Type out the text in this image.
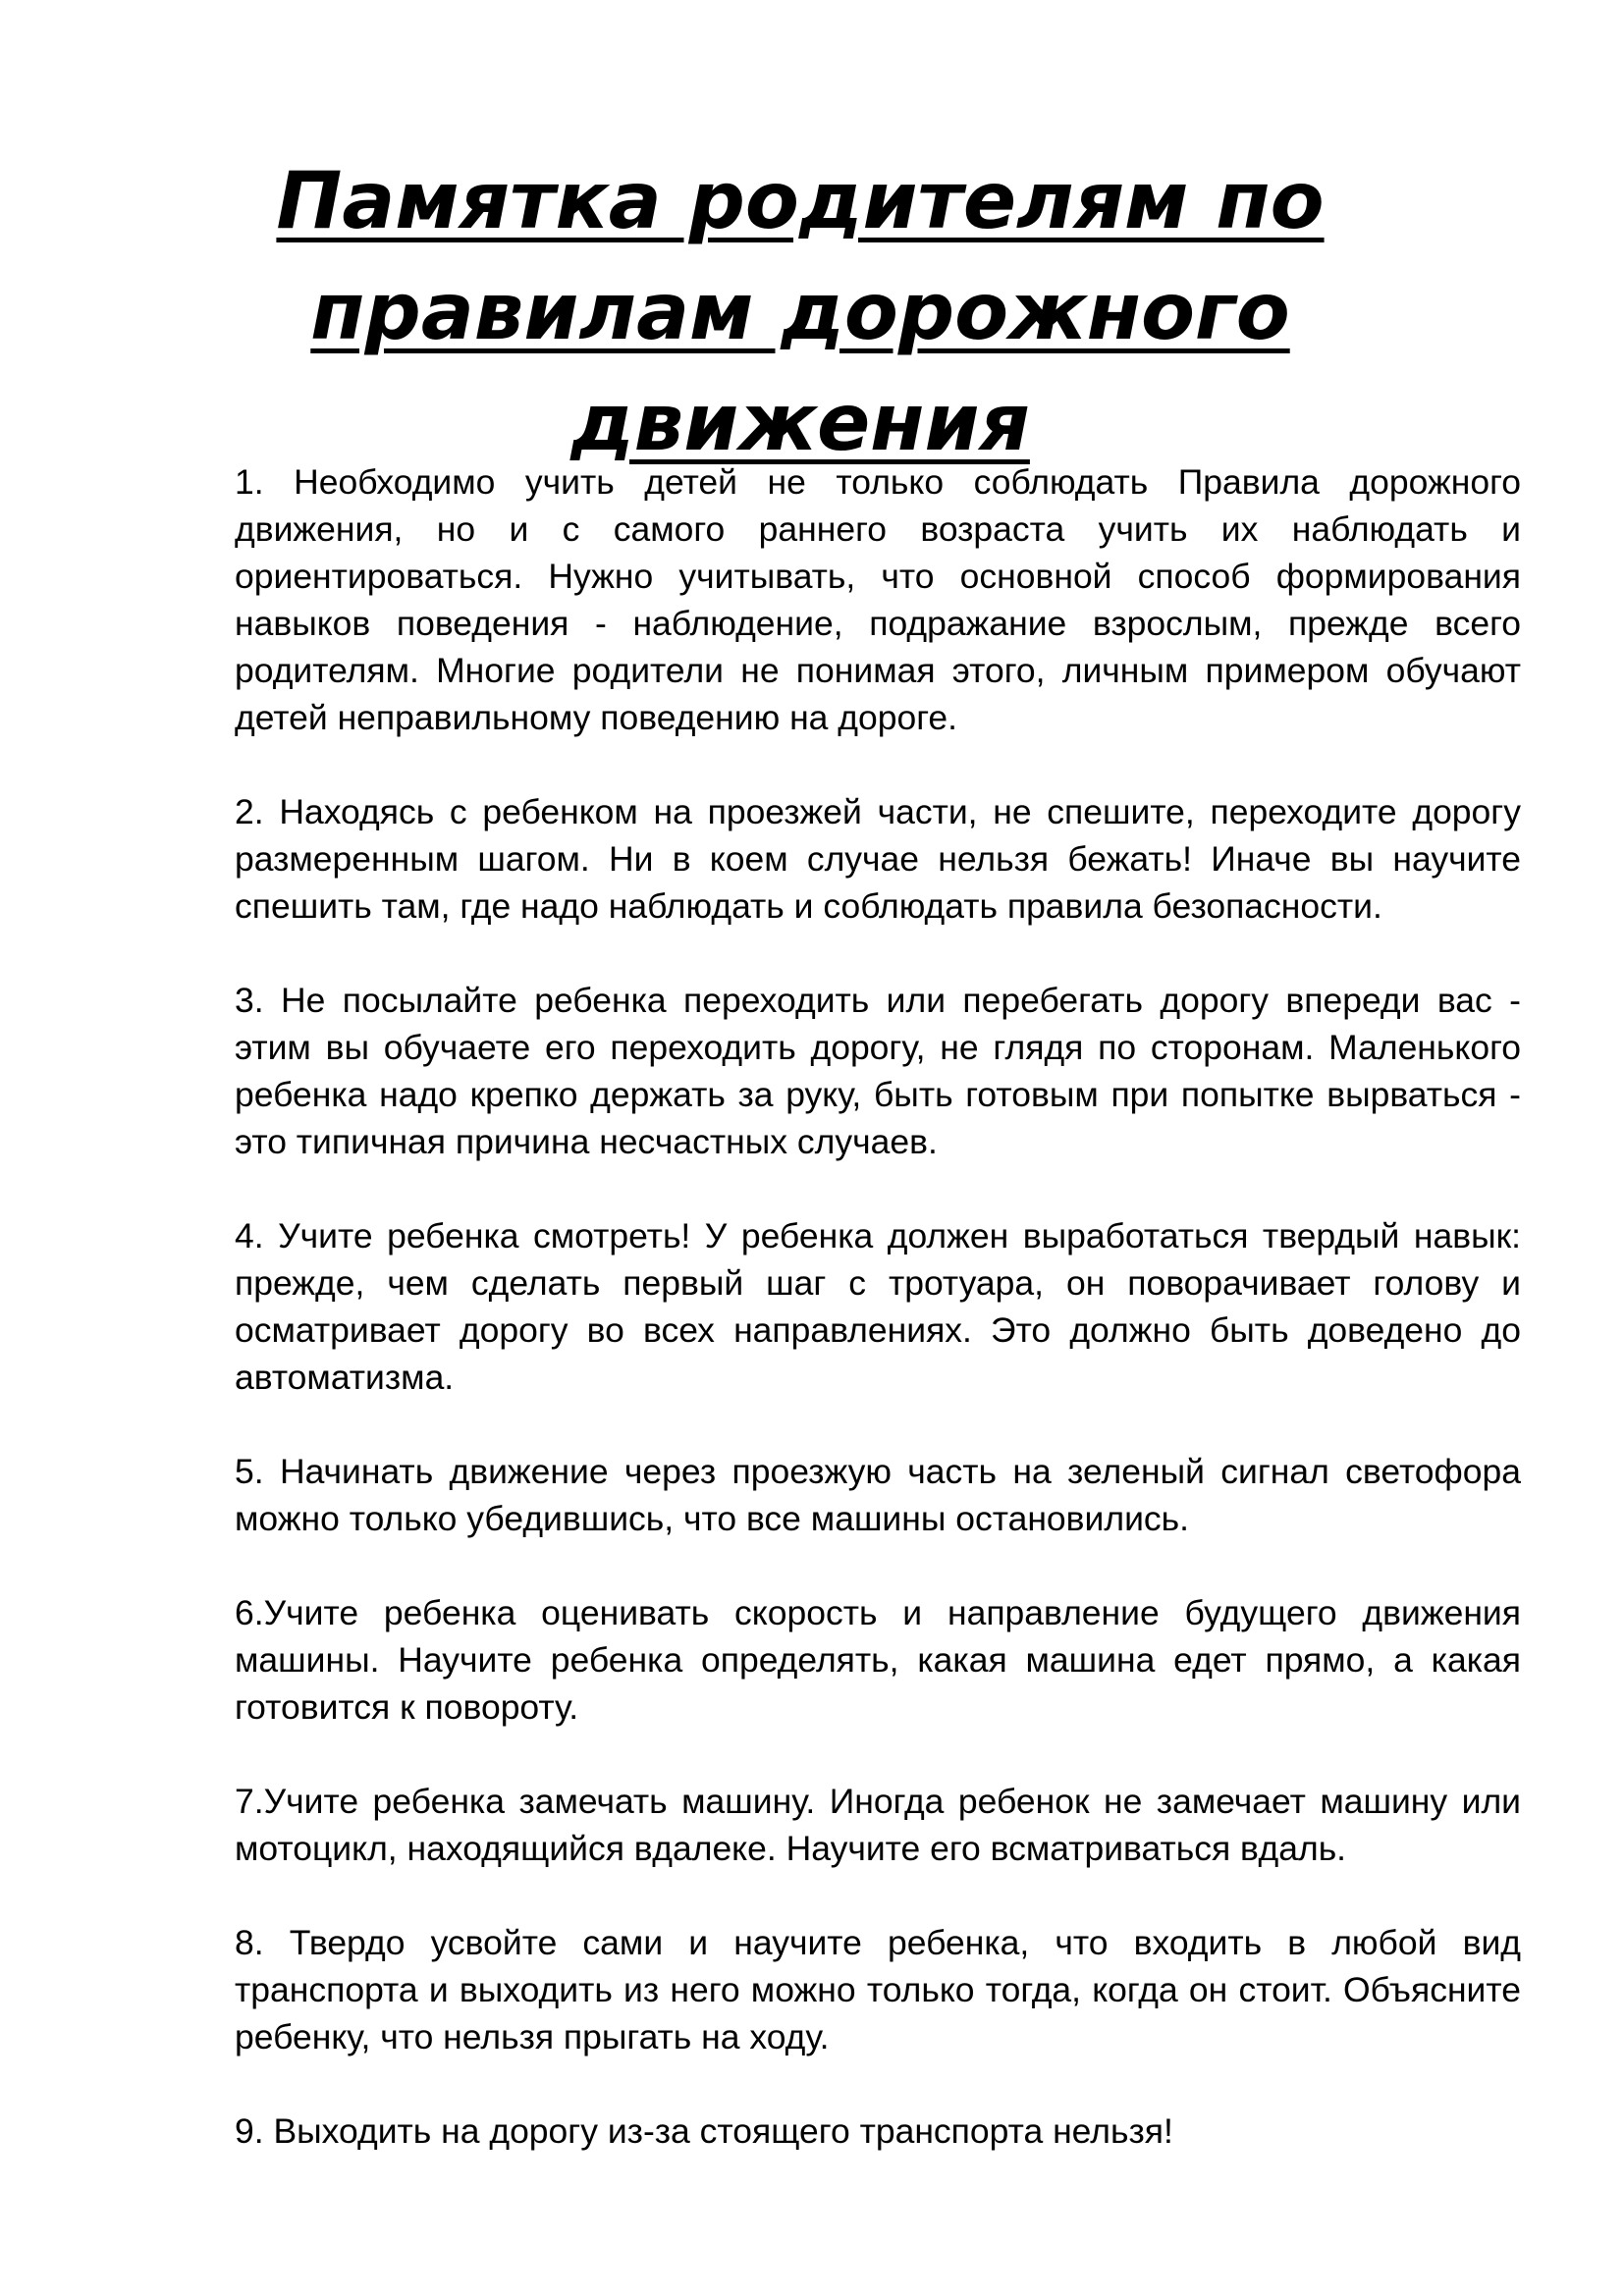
Памятка родителям по правилам дорожного движения

1. Необходимо учить детей не только соблюдать Правила дорожного движения, но и с самого раннего возраста учить их наблюдать и ориентироваться. Нужно учитывать, что основной способ формирования навыков поведения - наблюдение, подражание взрослым, прежде всего родителям. Многие родители не понимая этого, личным примером обучают детей неправильному поведению на дороге.

2. Находясь с ребенком на проезжей части, не спешите, переходите дорогу размеренным шагом. Ни в коем случае нельзя бежать! Иначе вы научите спешить там, где надо наблюдать и соблюдать правила безопасности.

3. Не посылайте ребенка переходить или перебегать дорогу впереди вас - этим вы обучаете его переходить дорогу, не глядя по сторонам. Маленького ребенка надо крепко держать за руку, быть готовым при попытке вырваться - это типичная причина несчастных случаев.

4. Учите ребенка смотреть! У ребенка должен выработаться твердый навык: прежде, чем сделать первый шаг с тротуара, он поворачивает голову и осматривает дорогу во всех направлениях. Это должно быть доведено до автоматизма.

5. Начинать движение через проезжую часть на зеленый сигнал светофора можно только убедившись, что все машины остановились.

6.Учите ребенка оценивать скорость и направление будущего движения машины. Научите ребенка определять, какая машина едет прямо, а какая готовится к повороту.

7.Учите ребенка замечать машину. Иногда ребенок не замечает машину или мотоцикл, находящийся вдалеке. Научите его всматриваться вдаль.

8. Твердо усвойте сами и научите ребенка, что входить в любой вид транспорта и выходить из него можно только тогда, когда он стоит. Объясните ребенку, что нельзя прыгать на ходу.

9. Выходить на дорогу из-за стоящего транспорта нельзя!
